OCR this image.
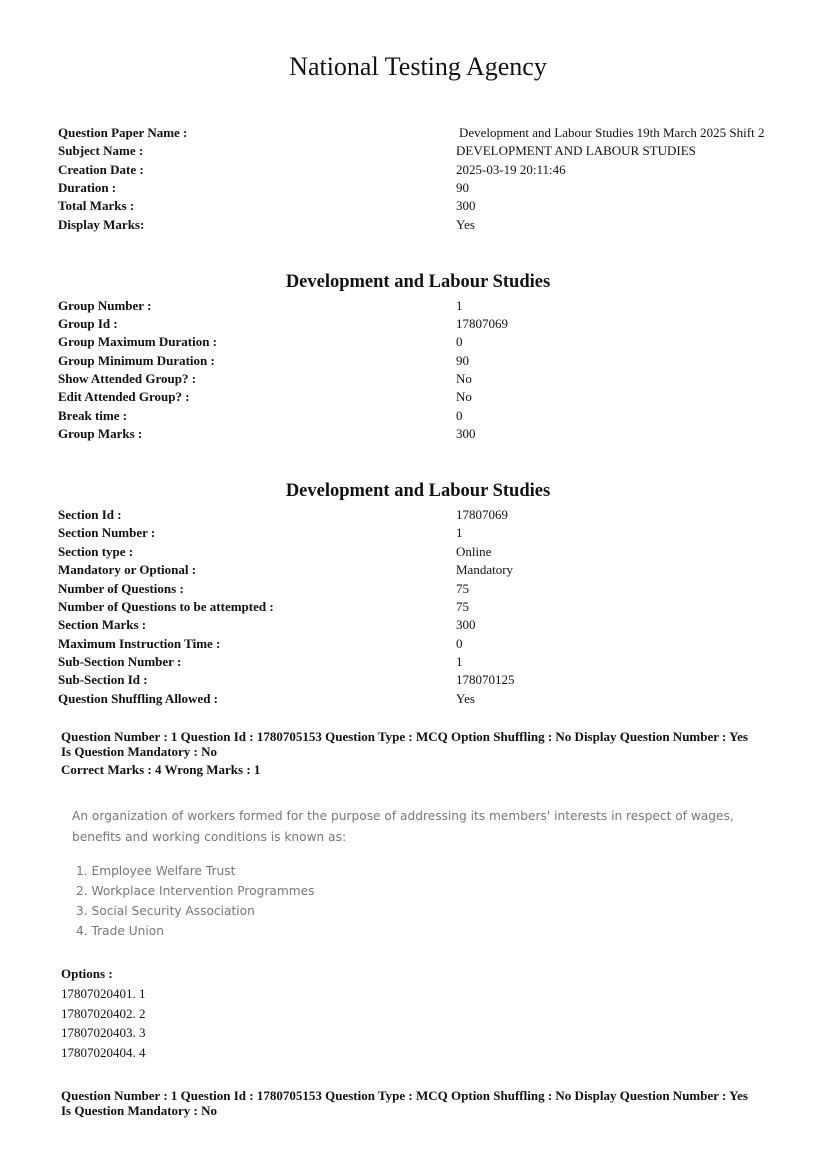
National Testing Agency
Question Paper Name :	Development and Labour Studies 19th March 2025 Shift 2
Subject Name :	DEVELOPMENT AND LABOUR STUDIES
Creation Date :	2025-03-19 20:11:46
Duration :	90
Total Marks :	300
Display Marks:	Yes
Development and Labour Studies
Group Number :	1
Group Id :	17807069
Group Maximum Duration :	0
Group Minimum Duration :	90
Show Attended Group? :	No
Edit Attended Group? :	No
Break time :	0
Group Marks :	300
Development and Labour Studies
Section Id :	17807069
Section Number :	1
Section type :	Online
Mandatory or Optional :	Mandatory
Number of Questions :	75
Number of Questions to be attempted :	75
Section Marks :	300
Maximum Instruction Time :	0
Sub-Section Number :	1
Sub-Section Id :	178070125
Question Shuffling Allowed :	Yes
Question Number : 1 Question Id : 1780705153 Question Type : MCQ Option Shuffling : No Display Question Number : Yes
Is Question Mandatory : No
Correct Marks : 4 Wrong Marks : 1
An organization of workers formed for the purpose of addressing its members' interests in respect of wages, benefits and working conditions is known as:
1. Employee Welfare Trust
2. Workplace Intervention Programmes
3. Social Security Association
4. Trade Union
Options :
17807020401. 1
17807020402. 2
17807020403. 3
17807020404. 4
Question Number : 1 Question Id : 1780705153 Question Type : MCQ Option Shuffling : No Display Question Number : Yes
Is Question Mandatory : No
